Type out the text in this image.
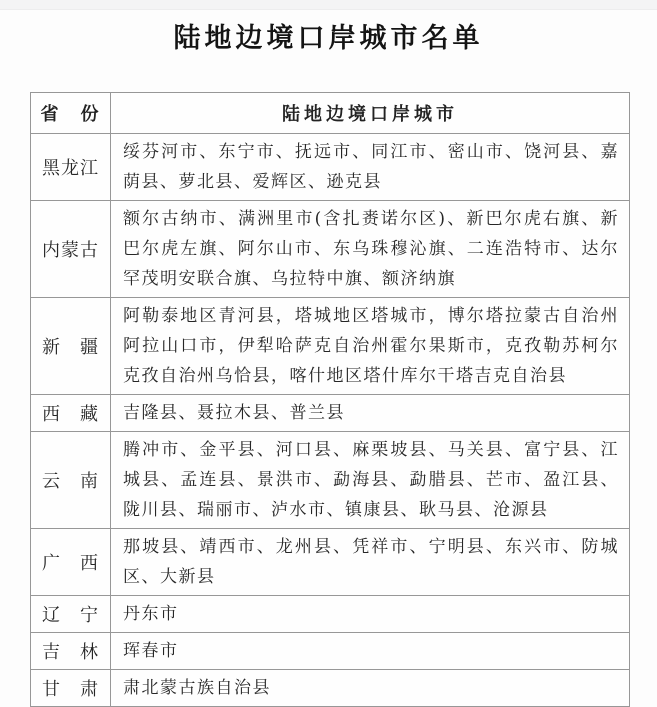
陆地边境口岸城市名单
省　份	陆地边境口岸城市
黑龙江	绥芬河市、东宁市、抚远市、同江市、密山市、饶河县、嘉荫县、萝北县、爱辉区、逊克县
内蒙古	额尔古纳市、满洲里市(含扎赉诺尔区)、新巴尔虎右旗、新巴尔虎左旗、阿尔山市、东乌珠穆沁旗、二连浩特市、达尔罕茂明安联合旗、乌拉特中旗、额济纳旗
新　疆	阿勒泰地区青河县，塔城地区塔城市，博尔塔拉蒙古自治州阿拉山口市，伊犁哈萨克自治州霍尔果斯市，克孜勒苏柯尔克孜自治州乌恰县，喀什地区塔什库尔干塔吉克自治县
西　藏	吉隆县、聂拉木县、普兰县
云　南	腾冲市、金平县、河口县、麻栗坡县、马关县、富宁县、江城县、孟连县、景洪市、勐海县、勐腊县、芒市、盈江县、陇川县、瑞丽市、泸水市、镇康县、耿马县、沧源县
广　西	那坡县、靖西市、龙州县、凭祥市、宁明县、东兴市、防城区、大新县
辽　宁	丹东市
吉　林	珲春市
甘　肃	肃北蒙古族自治县
